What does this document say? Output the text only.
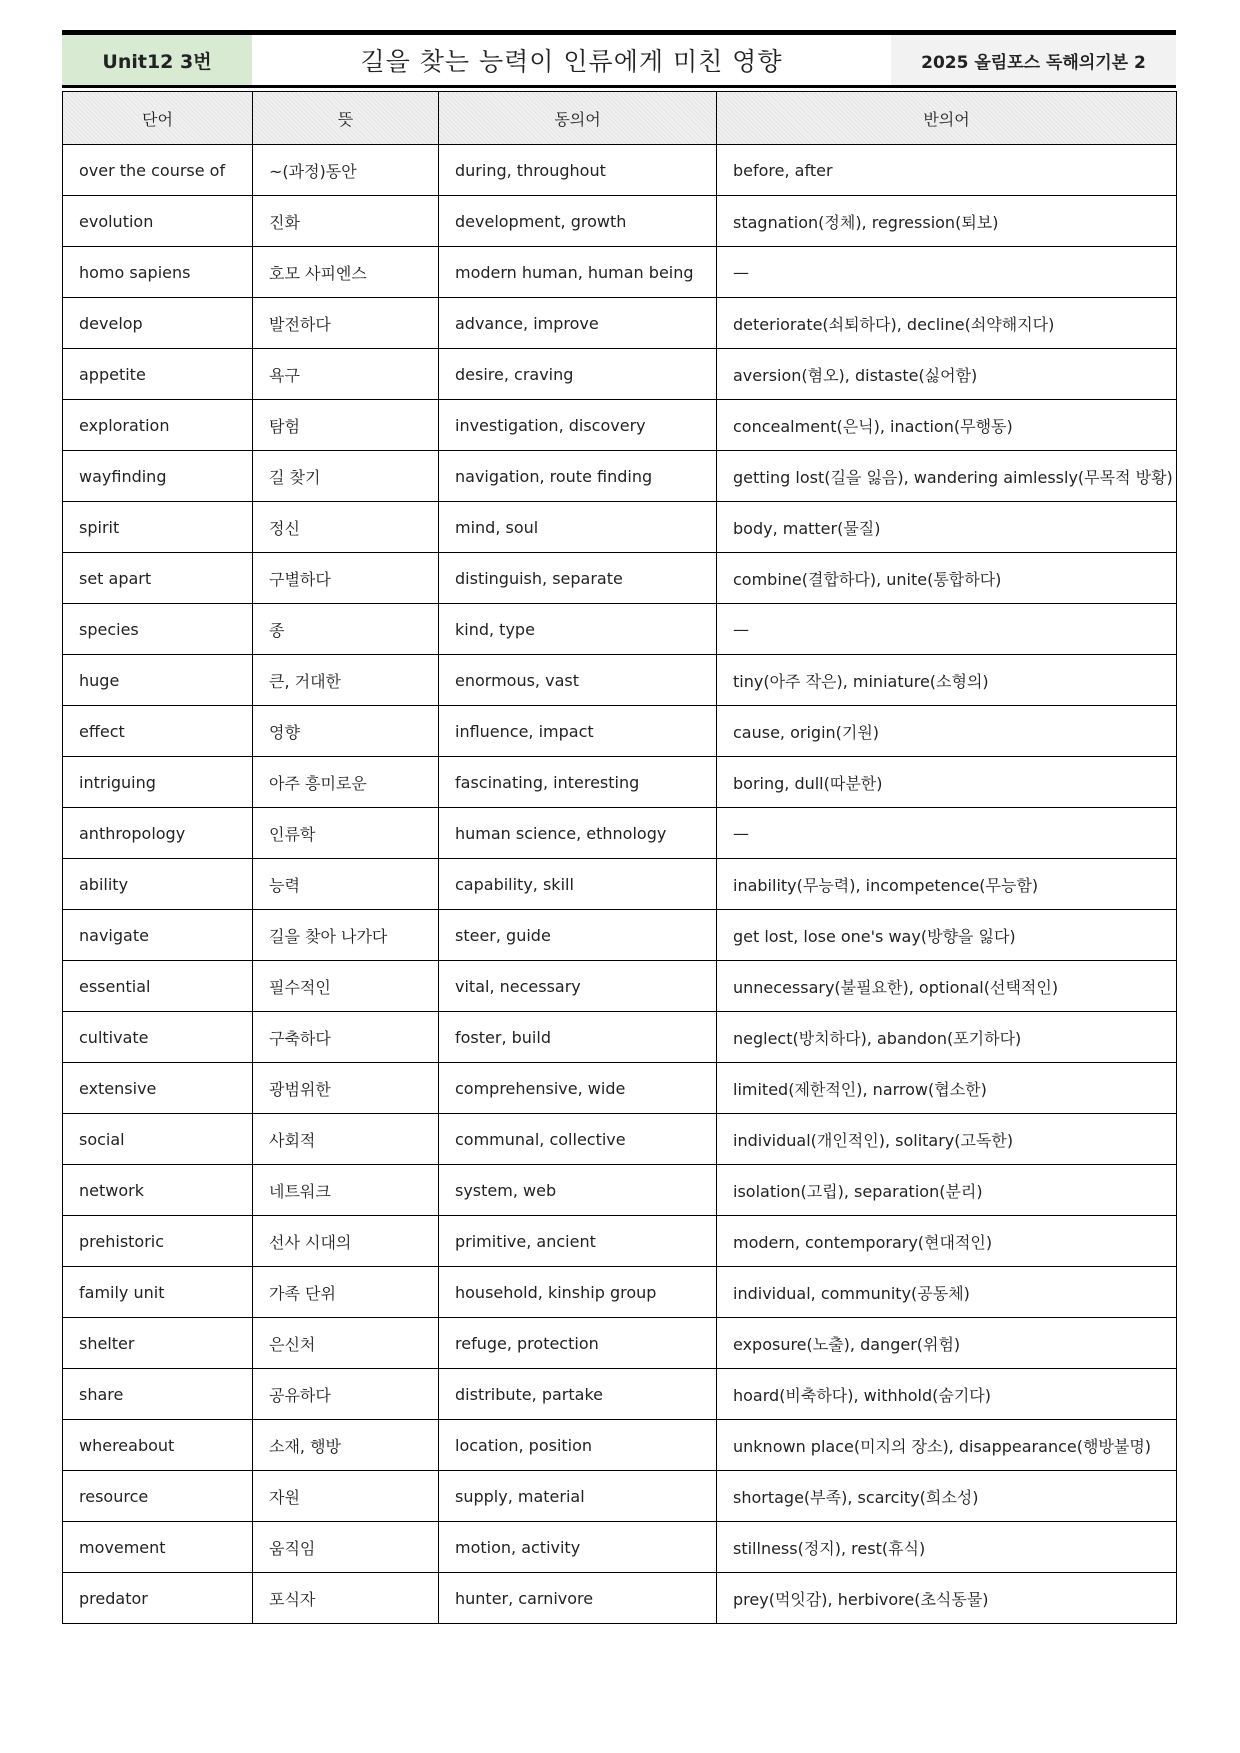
Unit12 3번	길을 찾는 능력이 인류에게 미친 영향	2025 올림포스 독해의기본 2
단어	뜻	동의어	반의어
over the course of	~(과정)동안	during, throughout	before, after
evolution	진화	development, growth	stagnation(정체), regression(퇴보)
homo sapiens	호모 사피엔스	modern human, human being	—
develop	발전하다	advance, improve	deteriorate(쇠퇴하다), decline(쇠약해지다)
appetite	욕구	desire, craving	aversion(혐오), distaste(싫어함)
exploration	탐험	investigation, discovery	concealment(은닉), inaction(무행동)
wayfinding	길 찾기	navigation, route finding	getting lost(길을 잃음), wandering aimlessly(무목적 방황)
spirit	정신	mind, soul	body, matter(물질)
set apart	구별하다	distinguish, separate	combine(결합하다), unite(통합하다)
species	종	kind, type	—
huge	큰, 거대한	enormous, vast	tiny(아주 작은), miniature(소형의)
effect	영향	influence, impact	cause, origin(기원)
intriguing	아주 흥미로운	fascinating, interesting	boring, dull(따분한)
anthropology	인류학	human science, ethnology	—
ability	능력	capability, skill	inability(무능력), incompetence(무능함)
navigate	길을 찾아 나가다	steer, guide	get lost, lose one's way(방향을 잃다)
essential	필수적인	vital, necessary	unnecessary(불필요한), optional(선택적인)
cultivate	구축하다	foster, build	neglect(방치하다), abandon(포기하다)
extensive	광범위한	comprehensive, wide	limited(제한적인), narrow(협소한)
social	사회적	communal, collective	individual(개인적인), solitary(고독한)
network	네트워크	system, web	isolation(고립), separation(분리)
prehistoric	선사 시대의	primitive, ancient	modern, contemporary(현대적인)
family unit	가족 단위	household, kinship group	individual, community(공동체)
shelter	은신처	refuge, protection	exposure(노출), danger(위험)
share	공유하다	distribute, partake	hoard(비축하다), withhold(숨기다)
whereabout	소재, 행방	location, position	unknown place(미지의 장소), disappearance(행방불명)
resource	자원	supply, material	shortage(부족), scarcity(희소성)
movement	움직임	motion, activity	stillness(정지), rest(휴식)
predator	포식자	hunter, carnivore	prey(먹잇감), herbivore(초식동물)
